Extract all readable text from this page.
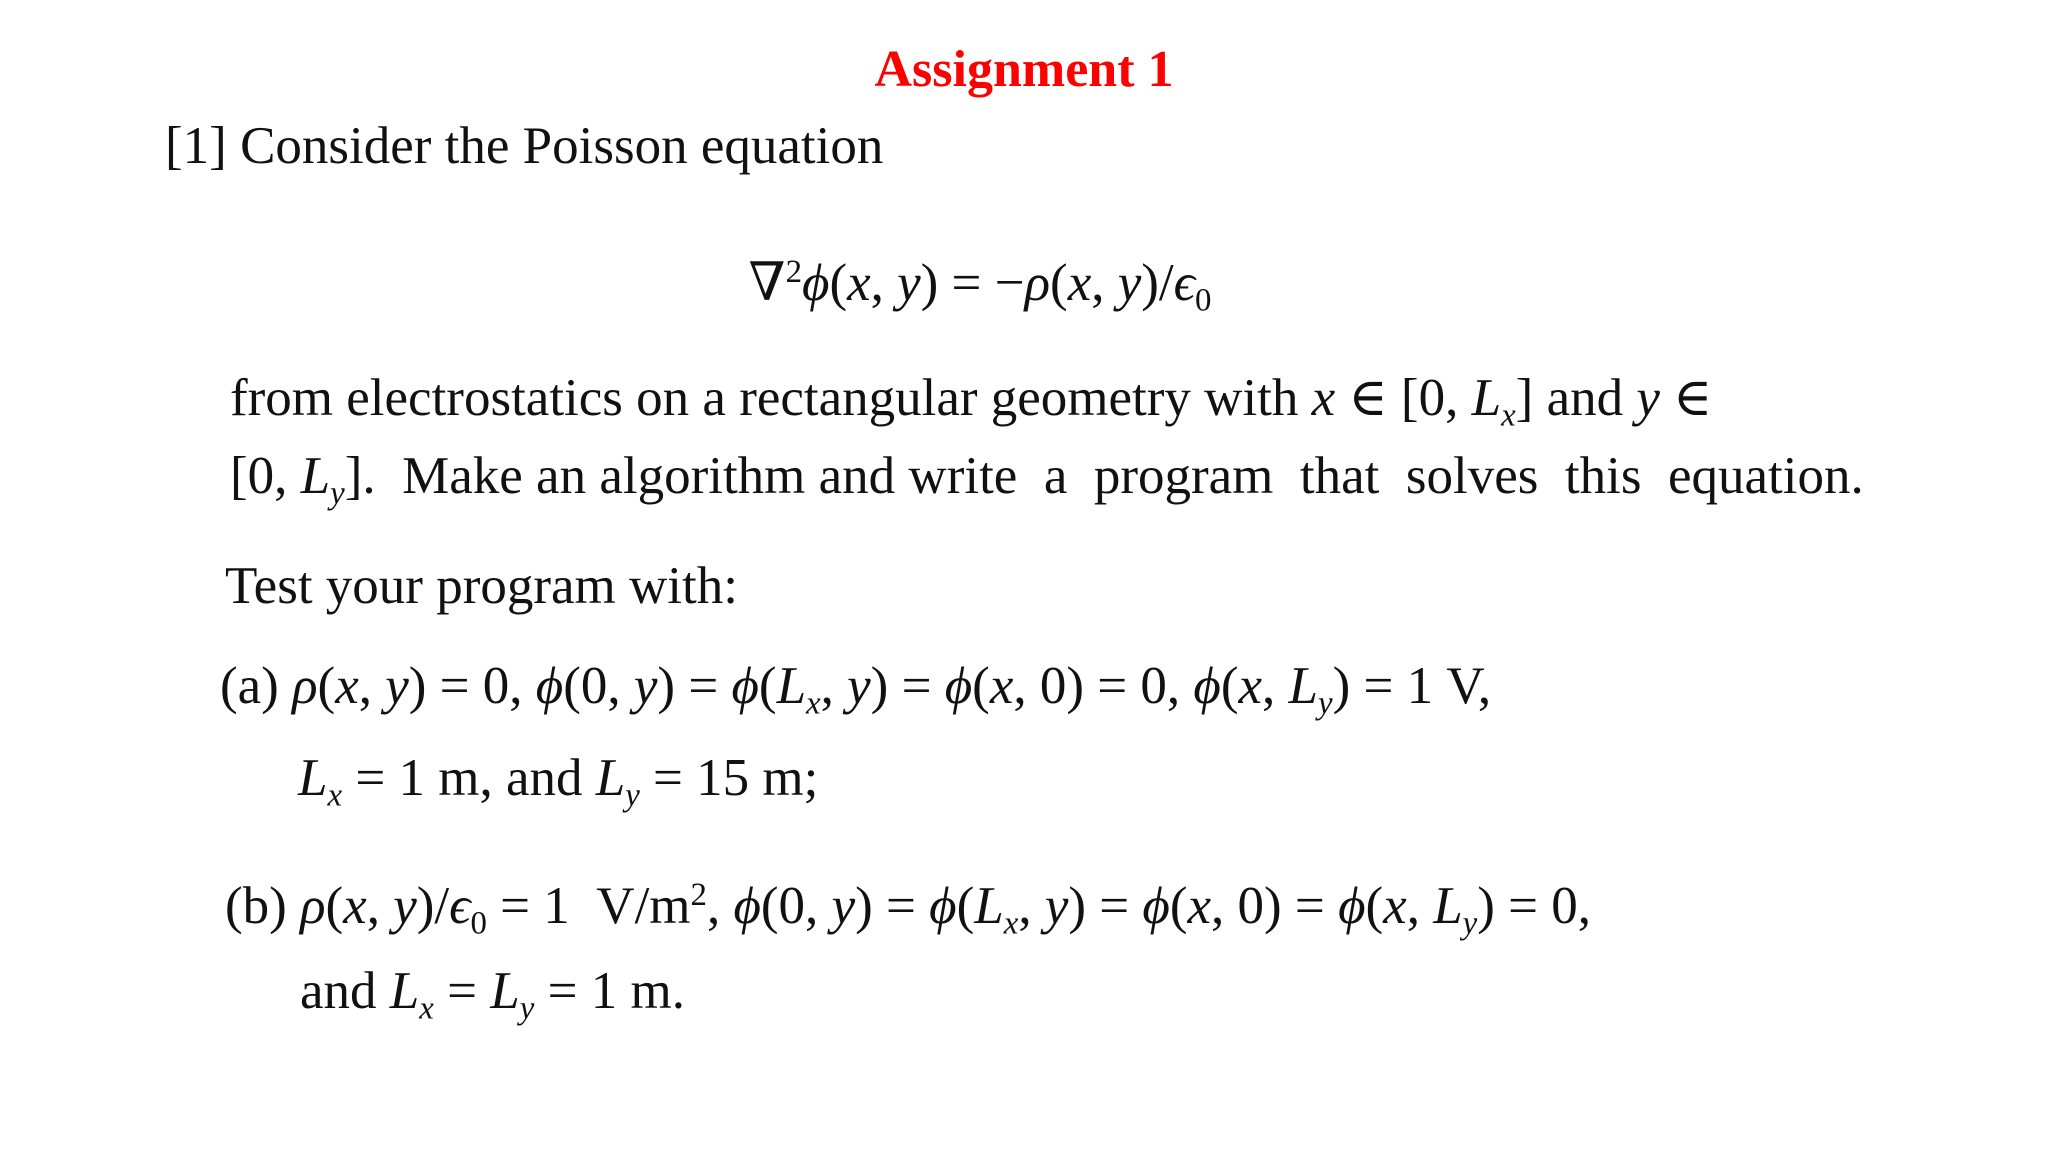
Assignment 1
[1] Consider the Poisson equation
∇$^2$ϕ(x, y) = −ρ(x, $y)/\epsilon_0$
from electrostatics on a rectangular geometry with x ∈ [0, $L_x$] and y ∈
[0, $L_y$].  Make an algorithm and write  a  program  that  solves  this  equation.
Test your program with:
(a) ρ(x, y) = 0, ϕ(0, $y) = \phi(L_x$, y) = ϕ(x, 0) = 0, ϕ(x, $L_y) = 1$ V,
$L_x = 1$ m, and $L_y = 15$ m;
(b) ρ(x, $y)/\epsilon_0 = 1$  $V/m^2$, ϕ(0, $y) = \phi(L_x$, y) = ϕ(x, 0) = ϕ(x, $L_y) = 0$,
and $L_x = L_y = 1$ m.
